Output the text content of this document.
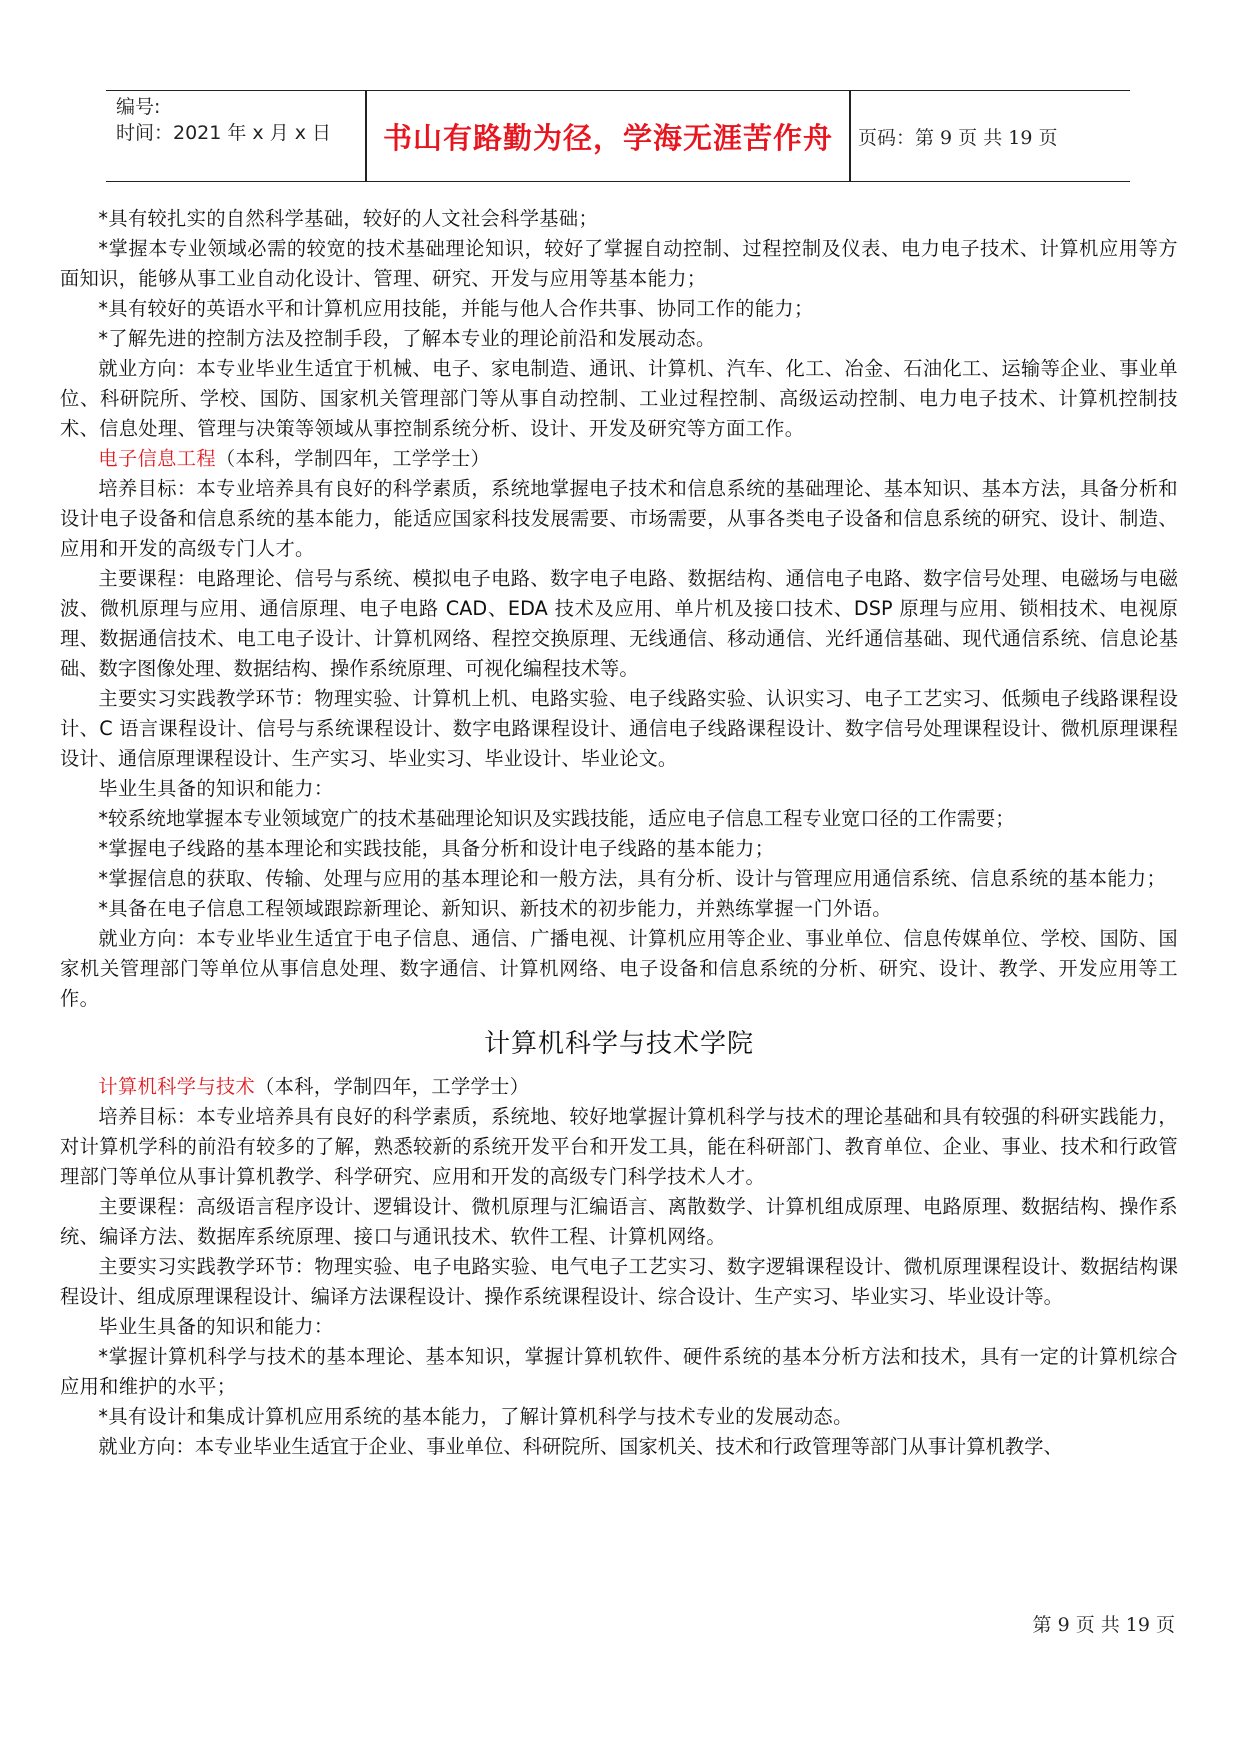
编号:
时间：2021 年 x 月 x 日	书山有路勤为径，学海无涯苦作舟	页码：第 9 页 共 19 页

*具有较扎实的自然科学基础，较好的人文社会科学基础；

*掌握本专业领域必需的较宽的技术基础理论知识，较好了掌握自动控制、过程控制及仪表、电力电子技术、计算机应用等方面知识，能够从事工业自动化设计、管理、研究、开发与应用等基本能力；

*具有较好的英语水平和计算机应用技能，并能与他人合作共事、协同工作的能力；

*了解先进的控制方法及控制手段，了解本专业的理论前沿和发展动态。

就业方向：本专业毕业生适宜于机械、电子、家电制造、通讯、计算机、汽车、化工、冶金、石油化工、运输等企业、事业单位、科研院所、学校、国防、国家机关管理部门等从事自动控制、工业过程控制、高级运动控制、电力电子技术、计算机控制技术、信息处理、管理与决策等领域从事控制系统分析、设计、开发及研究等方面工作。

电子信息工程（本科，学制四年，工学学士）

培养目标：本专业培养具有良好的科学素质，系统地掌握电子技术和信息系统的基础理论、基本知识、基本方法，具备分析和设计电子设备和信息系统的基本能力，能适应国家科技发展需要、市场需要，从事各类电子设备和信息系统的研究、设计、制造、应用和开发的高级专门人才。

主要课程：电路理论、信号与系统、模拟电子电路、数字电子电路、数据结构、通信电子电路、数字信号处理、电磁场与电磁波、微机原理与应用、通信原理、电子电路 CAD、EDA 技术及应用、单片机及接口技术、DSP 原理与应用、锁相技术、电视原理、数据通信技术、电工电子设计、计算机网络、程控交换原理、无线通信、移动通信、光纤通信基础、现代通信系统、信息论基础、数字图像处理、数据结构、操作系统原理、可视化编程技术等。

主要实习实践教学环节：物理实验、计算机上机、电路实验、电子线路实验、认识实习、电子工艺实习、低频电子线路课程设计、C 语言课程设计、信号与系统课程设计、数字电路课程设计、通信电子线路课程设计、数字信号处理课程设计、微机原理课程设计、通信原理课程设计、生产实习、毕业实习、毕业设计、毕业论文。

毕业生具备的知识和能力：

*较系统地掌握本专业领域宽广的技术基础理论知识及实践技能，适应电子信息工程专业宽口径的工作需要；

*掌握电子线路的基本理论和实践技能，具备分析和设计电子线路的基本能力；

*掌握信息的获取、传输、处理与应用的基本理论和一般方法，具有分析、设计与管理应用通信系统、信息系统的基本能力；

*具备在电子信息工程领域跟踪新理论、新知识、新技术的初步能力，并熟练掌握一门外语。

就业方向：本专业毕业生适宜于电子信息、通信、广播电视、计算机应用等企业、事业单位、信息传媒单位、学校、国防、国家机关管理部门等单位从事信息处理、数字通信、计算机网络、电子设备和信息系统的分析、研究、设计、教学、开发应用等工作。

计算机科学与技术学院

计算机科学与技术（本科，学制四年，工学学士）

培养目标：本专业培养具有良好的科学素质，系统地、较好地掌握计算机科学与技术的理论基础和具有较强的科研实践能力，对计算机学科的前沿有较多的了解，熟悉较新的系统开发平台和开发工具，能在科研部门、教育单位、企业、事业、技术和行政管理部门等单位从事计算机教学、科学研究、应用和开发的高级专门科学技术人才。

主要课程：高级语言程序设计、逻辑设计、微机原理与汇编语言、离散数学、计算机组成原理、电路原理、数据结构、操作系统、编译方法、数据库系统原理、接口与通讯技术、软件工程、计算机网络。

主要实习实践教学环节：物理实验、电子电路实验、电气电子工艺实习、数字逻辑课程设计、微机原理课程设计、数据结构课程设计、组成原理课程设计、编译方法课程设计、操作系统课程设计、综合设计、生产实习、毕业实习、毕业设计等。

毕业生具备的知识和能力：

*掌握计算机科学与技术的基本理论、基本知识，掌握计算机软件、硬件系统的基本分析方法和技术，具有一定的计算机综合应用和维护的水平；

*具有设计和集成计算机应用系统的基本能力，了解计算机科学与技术专业的发展动态。

就业方向：本专业毕业生适宜于企业、事业单位、科研院所、国家机关、技术和行政管理等部门从事计算机教学、

第 9 页 共 19 页
